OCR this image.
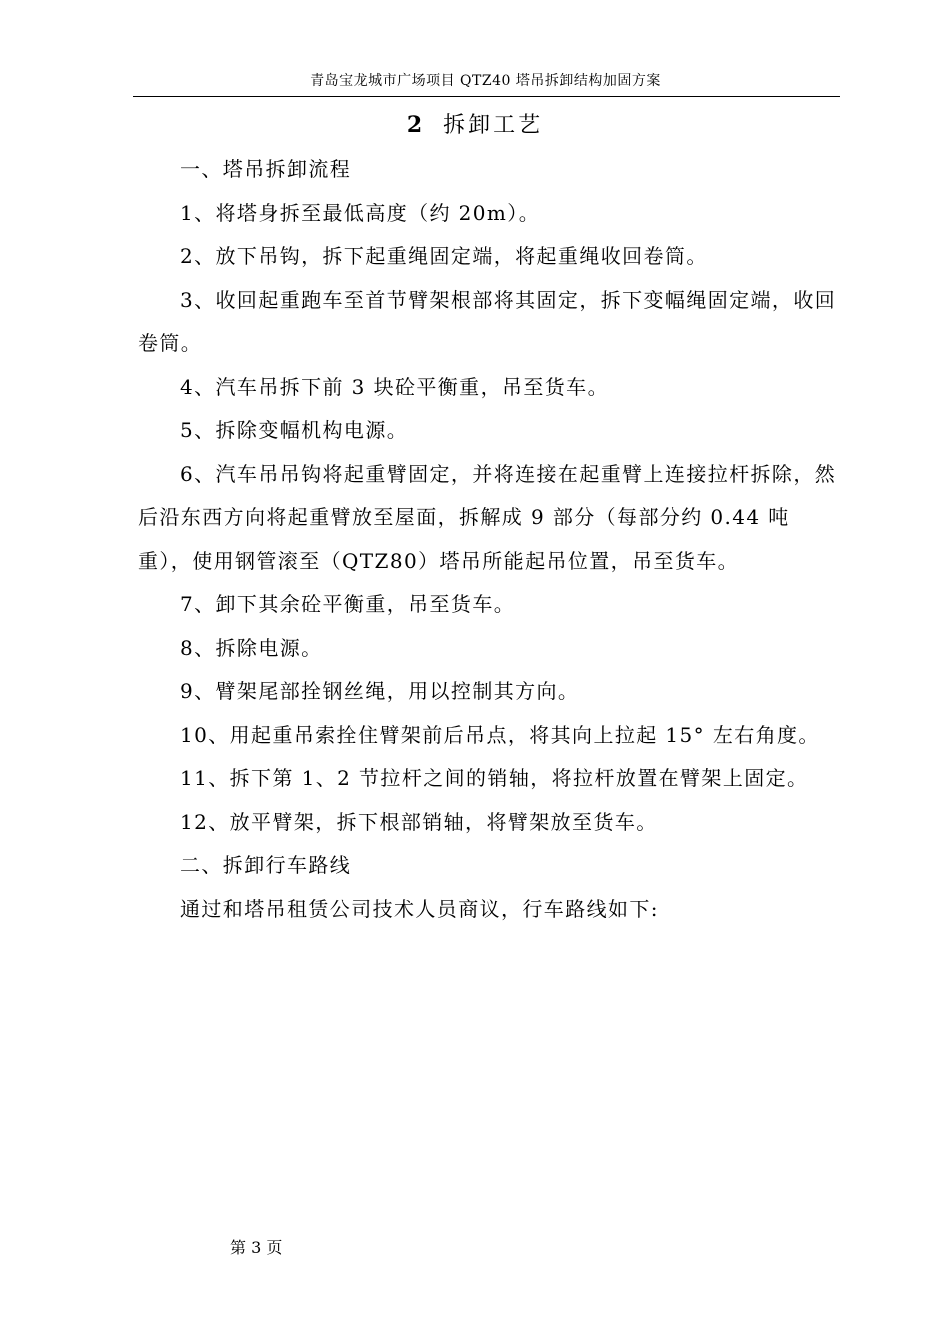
青岛宝龙城市广场项目 QTZ40 塔吊拆卸结构加固方案
2 拆卸工艺

一、塔吊拆卸流程

1、将塔身拆至最低高度（约 20m）。

2、放下吊钩，拆下起重绳固定端，将起重绳收回卷筒。

3、收回起重跑车至首节臂架根部将其固定，拆下变幅绳固定端，收回卷筒。

4、汽车吊拆下前 3 块砼平衡重，吊至货车。

5、拆除变幅机构电源。

6、汽车吊吊钩将起重臂固定，并将连接在起重臂上连接拉杆拆除，然后沿东西方向将起重臂放至屋面，拆解成 9 部分（每部分约 0.44 吨重），使用钢管滚至（QTZ80）塔吊所能起吊位置，吊至货车。

7、卸下其余砼平衡重，吊至货车。

8、拆除电源。

9、臂架尾部拴钢丝绳，用以控制其方向。

10、用起重吊索拴住臂架前后吊点，将其向上拉起 15° 左右角度。

11、拆下第 1、2 节拉杆之间的销轴，将拉杆放置在臂架上固定。

12、放平臂架，拆下根部销轴，将臂架放至货车。

二、拆卸行车路线

通过和塔吊租赁公司技术人员商议，行车路线如下:

第 3 页
